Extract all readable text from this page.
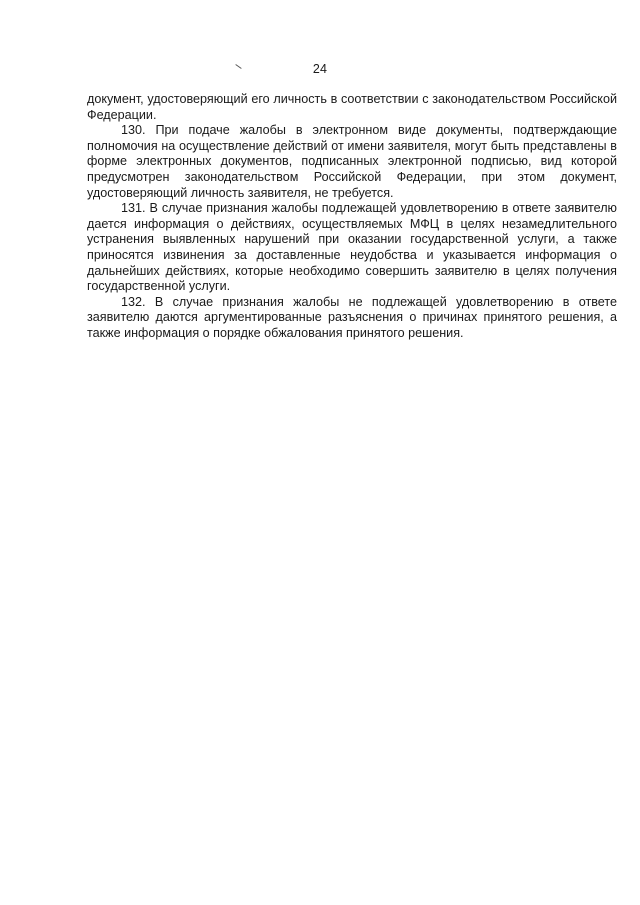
24

документ, удостоверяющий его личность в соответствии с законодательством Российской Федерации.

130. При подаче жалобы в электронном виде документы, подтверждающие полномочия на осуществление действий от имени заявителя, могут быть представлены в форме электронных документов, подписанных электронной подписью, вид которой предусмотрен законодательством Российской Федерации, при этом документ, удостоверяющий личность заявителя, не требуется.

131. В случае признания жалобы подлежащей удовлетворению в ответе заявителю дается информация о действиях, осуществляемых МФЦ в целях незамедлительного устранения выявленных нарушений при оказании государственной услуги, а также приносятся извинения за доставленные неудобства и указывается информация о дальнейших действиях, которые необходимо совершить заявителю в целях получения государственной услуги.

132. В случае признания жалобы не подлежащей удовлетворению в ответе заявителю даются аргументированные разъяснения о причинах принятого решения, а также информация о порядке обжалования принятого решения.
